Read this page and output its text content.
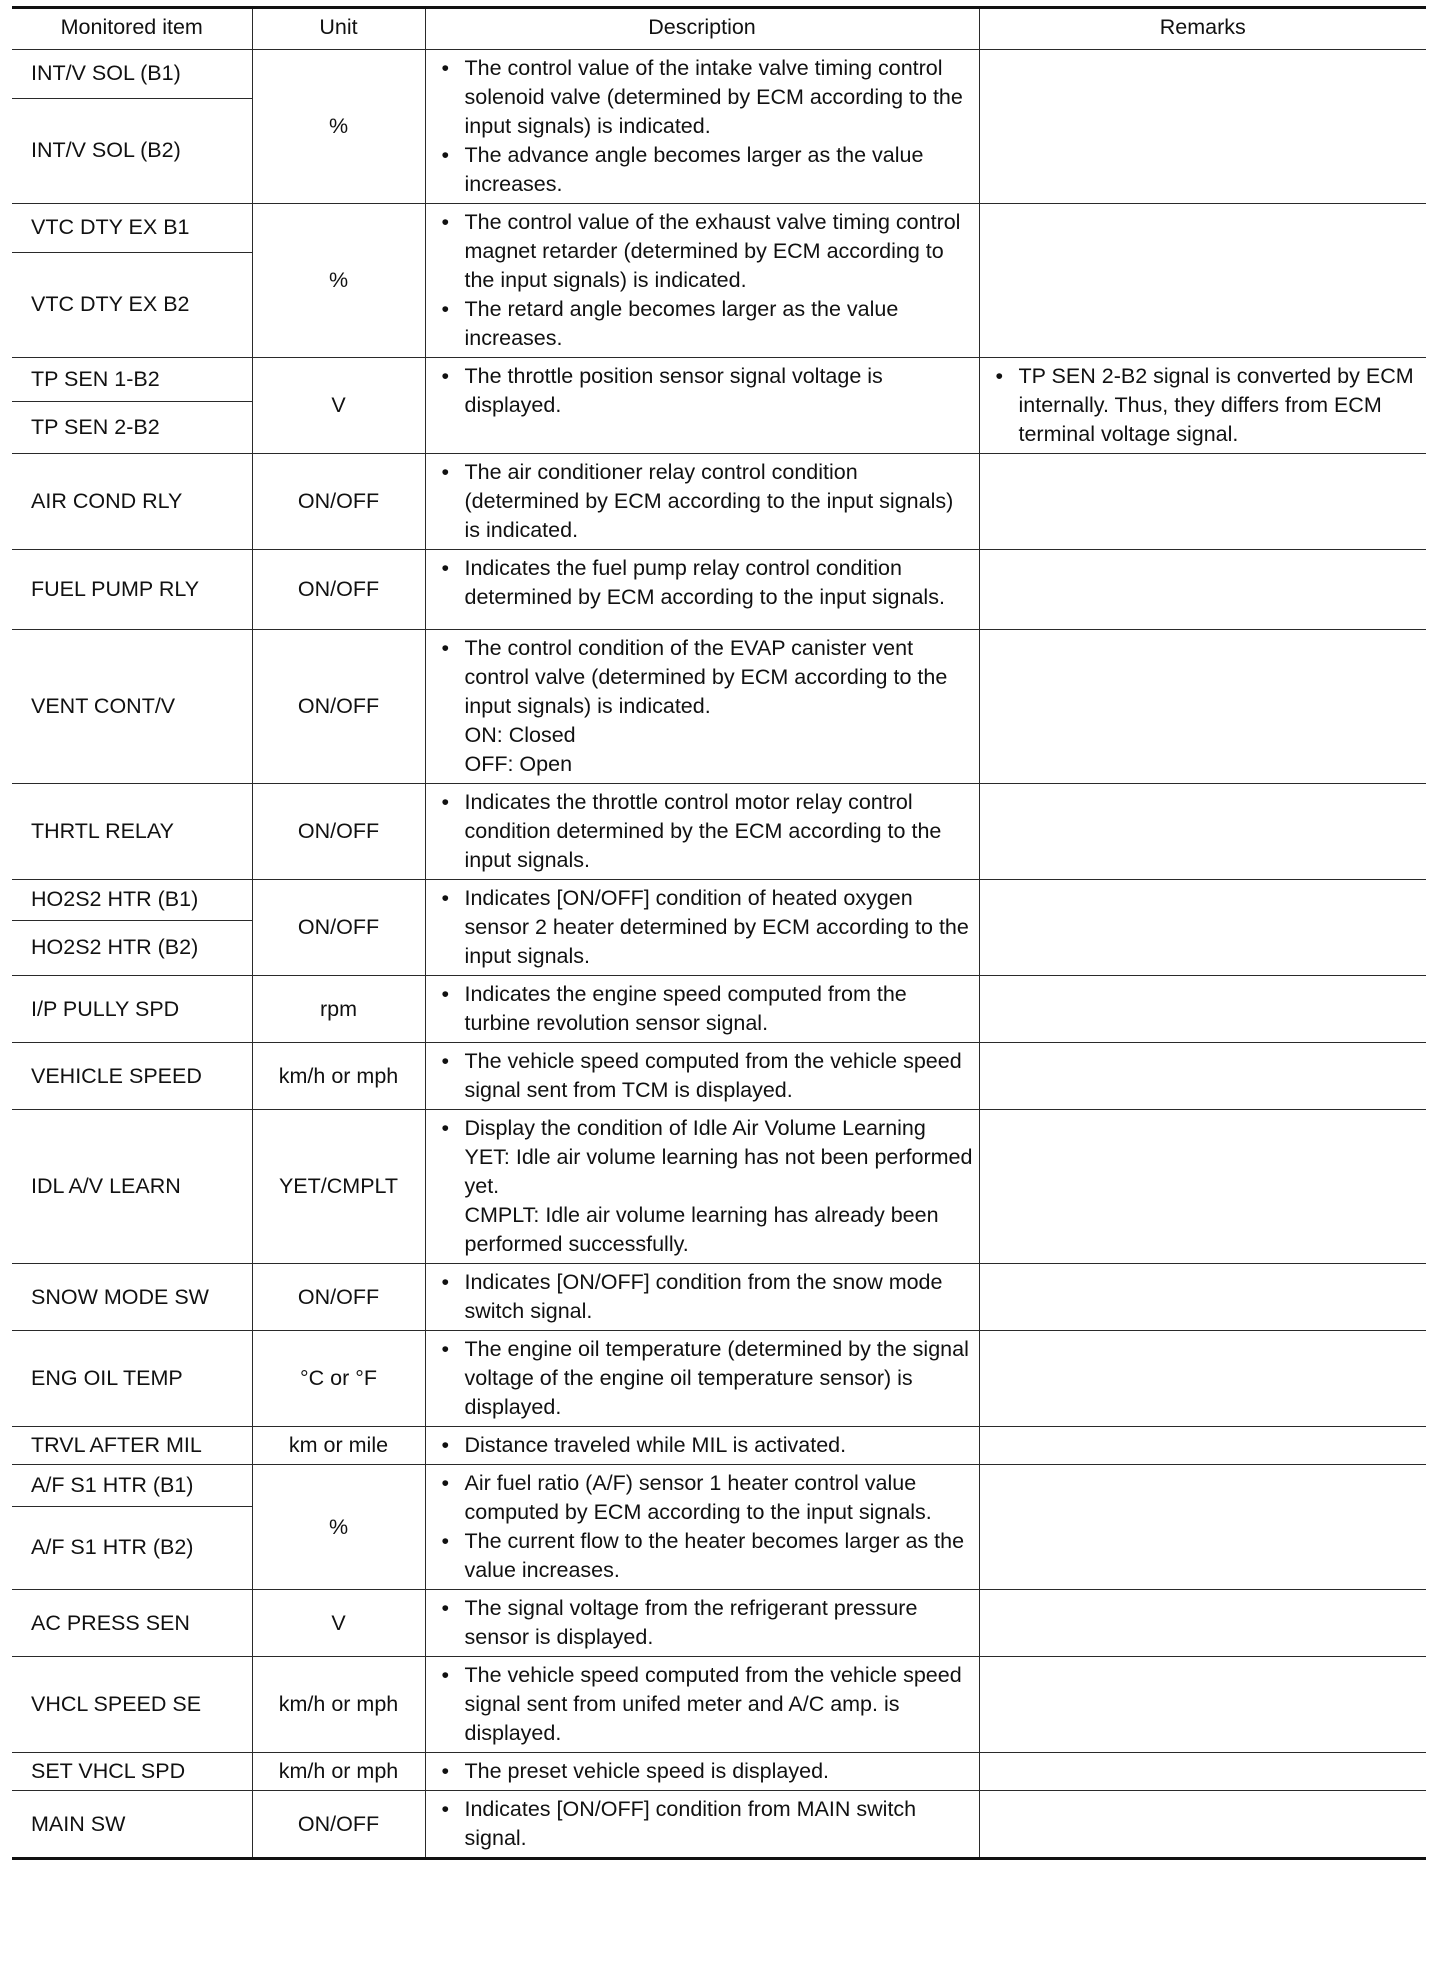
Monitored item	Unit	Description	Remarks
INT/V SOL (B1)	%	• The control value of the intake valve timing control solenoid valve (determined by ECM according to the input signals) is indicated.
• The advance angle becomes larger as the value increases.

INT/V SOL (B2)			
VTC DTY EX B1	%	• The control value of the exhaust valve timing control magnet retarder (determined by ECM according to the input signals) is indicated.
• The retard angle becomes larger as the value increases.

VTC DTY EX B2			
TP SEN 1-B2	V	• The throttle position sensor signal voltage is displayed.	• TP SEN 2-B2 signal is converted by ECM internally. Thus, they differs from ECM terminal voltage signal.

TP SEN 2-B2			
AIR COND RLY	ON/OFF	• The air conditioner relay control condition (determined by ECM according to the input signals) is indicated.

FUEL PUMP RLY	ON/OFF	• Indicates the fuel pump relay control condition determined by ECM according to the input signals.

VENT CONT/V	ON/OFF	• The control condition of the EVAP canister vent control valve (determined by ECM according to the input signals) is indicated.
ON: Closed
OFF: Open

THRTL RELAY	ON/OFF	• Indicates the throttle control motor relay control condition determined by the ECM according to the input signals.

HO2S2 HTR (B1)	ON/OFF	• Indicates [ON/OFF] condition of heated oxygen sensor 2 heater determined by ECM according to the input signals.

HO2S2 HTR (B2)			
I/P PULLY SPD	rpm	• Indicates the engine speed computed from the turbine revolution sensor signal.

VEHICLE SPEED	km/h or mph	• The vehicle speed computed from the vehicle speed signal sent from TCM is displayed.

IDL A/V LEARN	YET/CMPLT	• Display the condition of Idle Air Volume Learning
YET: Idle air volume learning has not been performed yet.
CMPLT: Idle air volume learning has already been performed successfully.

SNOW MODE SW	ON/OFF	• Indicates [ON/OFF] condition from the snow mode switch signal.

ENG OIL TEMP	°C or °F	• The engine oil temperature (determined by the signal voltage of the engine oil temperature sensor) is displayed.

TRVL AFTER MIL	km or mile	• Distance traveled while MIL is activated.

A/F S1 HTR (B1)	%	• Air fuel ratio (A/F) sensor 1 heater control value computed by ECM according to the input signals.
• The current flow to the heater becomes larger as the value increases.

A/F S1 HTR (B2)			
AC PRESS SEN	V	• The signal voltage from the refrigerant pressure sensor is displayed.

VHCL SPEED SE	km/h or mph	• The vehicle speed computed from the vehicle speed signal sent from unifed meter and A/C amp. is displayed.

SET VHCL SPD	km/h or mph	• The preset vehicle speed is displayed.

MAIN SW	ON/OFF	• Indicates [ON/OFF] condition from MAIN switch signal.
